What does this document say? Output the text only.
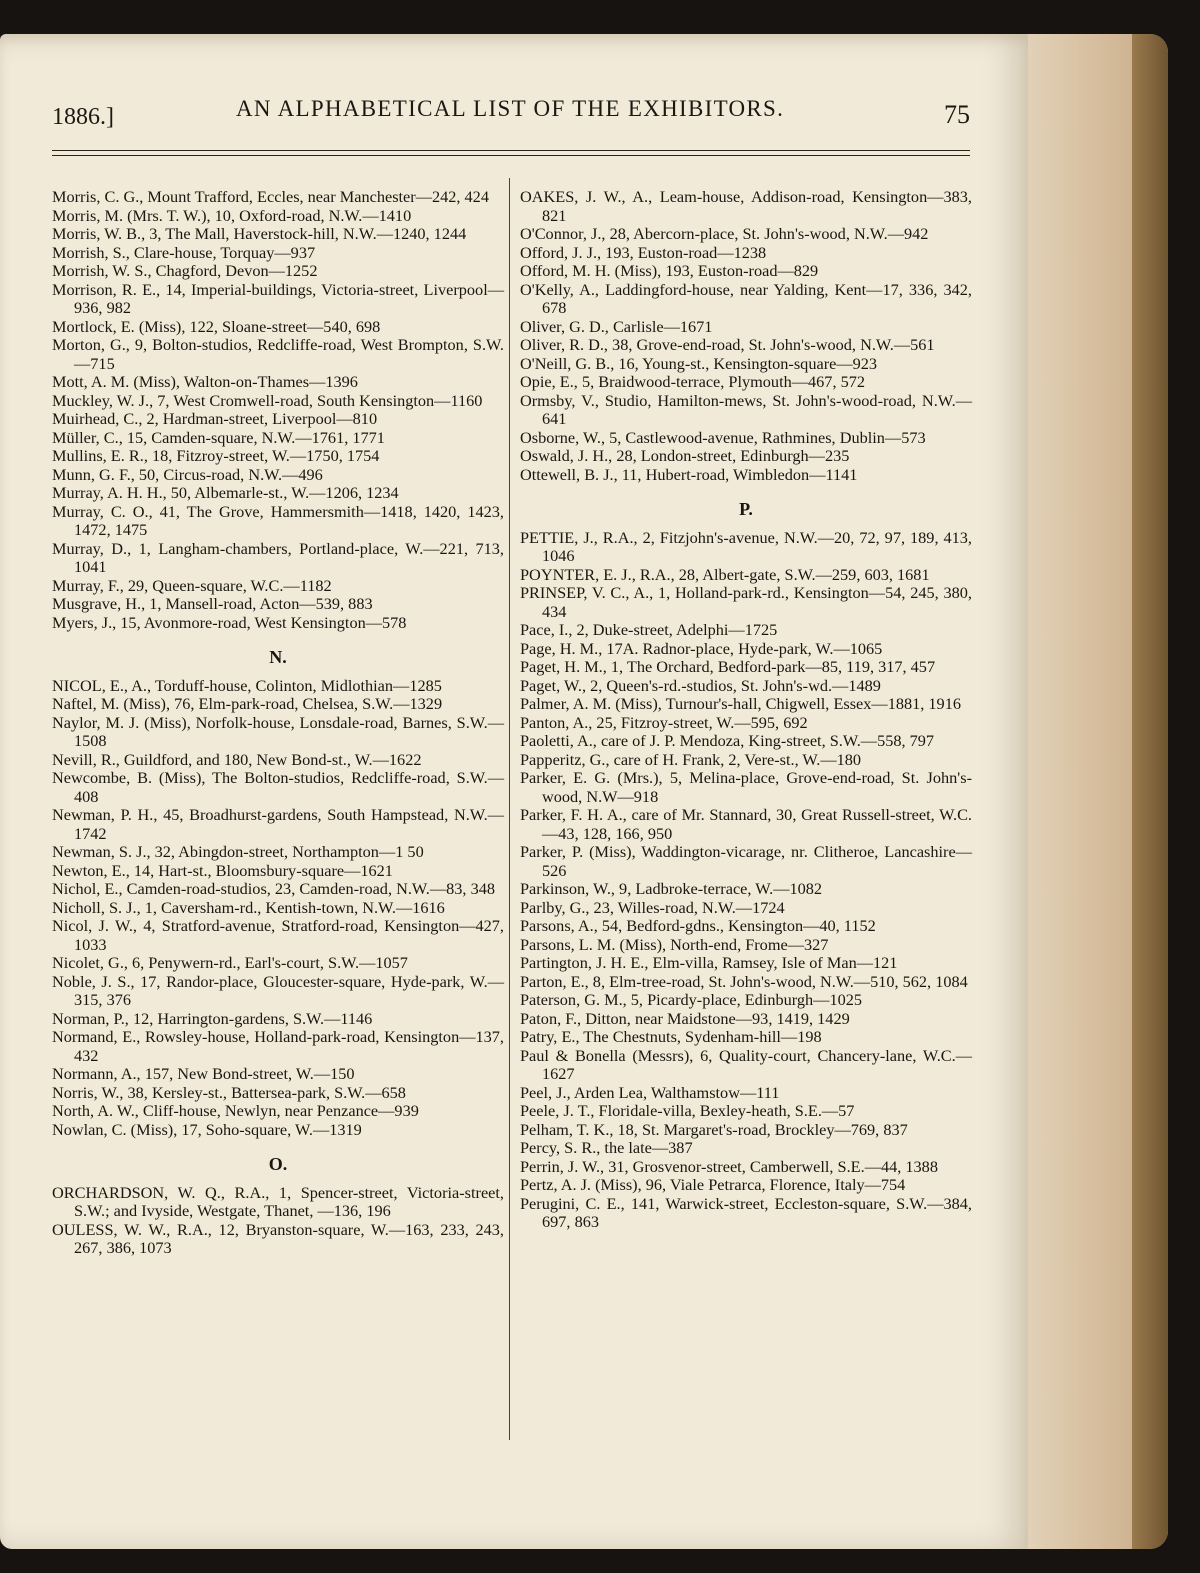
1886.]	AN ALPHABETICAL LIST OF THE EXHIBITORS.	75
Morris, C. G., Mount Trafford, Eccles, near Manchester—242, 424
Morris, M. (Mrs. T. W.), 10, Oxford-road, N.W.—1410
Morris, W. B., 3, The Mall, Haverstock-hill, N.W.—1240, 1244
Morrish, S., Clare-house, Torquay—937
Morrish, W. S., Chagford, Devon—1252
Morrison, R. E., 14, Imperial-buildings, Victoria-street, Liverpool—936, 982
Mortlock, E. (Miss), 122, Sloane-street—540, 698
Morton, G., 9, Bolton-studios, Redcliffe-road, West Brompton, S.W.—715
Mott, A. M. (Miss), Walton-on-Thames—1396
Muckley, W. J., 7, West Cromwell-road, South Kensington—1160
Muirhead, C., 2, Hardman-street, Liverpool—810
Müller, C., 15, Camden-square, N.W.—1761, 1771
Mullins, E. R., 18, Fitzroy-street, W.—1750, 1754
Munn, G. F., 50, Circus-road, N.W.—496
Murray, A. H. H., 50, Albemarle-st., W.—1206, 1234
Murray, C. O., 41, The Grove, Hammersmith—1418, 1420, 1423, 1472, 1475
Murray, D., 1, Langham-chambers, Portland-place, W.—221, 713, 1041
Murray, F., 29, Queen-square, W.C.—1182
Musgrave, H., 1, Mansell-road, Acton—539, 883
Myers, J., 15, Avonmore-road, West Kensington—578
N.
NICOL, E., A., Torduff-house, Colinton, Midlothian—1285
Naftel, M. (Miss), 76, Elm-park-road, Chelsea, S.W.—1329
Naylor, M. J. (Miss), Norfolk-house, Lonsdale-road, Barnes, S.W.—1508
Nevill, R., Guildford, and 180, New Bond-st., W.—1622
Newcombe, B. (Miss), The Bolton-studios, Redcliffe-road, S.W.—408
Newman, P. H., 45, Broadhurst-gardens, South Hampstead, N.W.—1742
Newman, S. J., 32, Abingdon-street, Northampton—1 50
Newton, E., 14, Hart-st., Bloomsbury-square—1621
Nichol, E., Camden-road-studios, 23, Camden-road, N.W.—83, 348
Nicholl, S. J., 1, Caversham-rd., Kentish-town, N.W.—1616
Nicol, J. W., 4, Stratford-avenue, Stratford-road, Kensington—427, 1033
Nicolet, G., 6, Penywern-rd., Earl's-court, S.W.—1057
Noble, J. S., 17, Randor-place, Gloucester-square, Hyde-park, W.—315, 376
Norman, P., 12, Harrington-gardens, S.W.—1146
Normand, E., Rowsley-house, Holland-park-road, Kensington—137, 432
Normann, A., 157, New Bond-street, W.—150
Norris, W., 38, Kersley-st., Battersea-park, S.W.—658
North, A. W., Cliff-house, Newlyn, near Penzance—939
Nowlan, C. (Miss), 17, Soho-square, W.—1319
O.
ORCHARDSON, W. Q., R.A., 1, Spencer-street, Victoria-street, S.W.; and Ivyside, Westgate, Thanet, —136, 196
OULESS, W. W., R.A., 12, Bryanston-square, W.—163, 233, 243, 267, 386, 1073
OAKES, J. W., A., Leam-house, Addison-road, Kensington—383, 821
O'Connor, J., 28, Abercorn-place, St. John's-wood, N.W.—942
Offord, J. J., 193, Euston-road—1238
Offord, M. H. (Miss), 193, Euston-road—829
O'Kelly, A., Laddingford-house, near Yalding, Kent—17, 336, 342, 678
Oliver, G. D., Carlisle—1671
Oliver, R. D., 38, Grove-end-road, St. John's-wood, N.W.—561
O'Neill, G. B., 16, Young-st., Kensington-square—923
Opie, E., 5, Braidwood-terrace, Plymouth—467, 572
Ormsby, V., Studio, Hamilton-mews, St. John's-wood-road, N.W.—641
Osborne, W., 5, Castlewood-avenue, Rathmines, Dublin—573
Oswald, J. H., 28, London-street, Edinburgh—235
Ottewell, B. J., 11, Hubert-road, Wimbledon—1141
P.
PETTIE, J., R.A., 2, Fitzjohn's-avenue, N.W.—20, 72, 97, 189, 413, 1046
POYNTER, E. J., R.A., 28, Albert-gate, S.W.—259, 603, 1681
PRINSEP, V. C., A., 1, Holland-park-rd., Kensington—54, 245, 380, 434
Pace, I., 2, Duke-street, Adelphi—1725
Page, H. M., 17A. Radnor-place, Hyde-park, W.—1065
Paget, H. M., 1, The Orchard, Bedford-park—85, 119, 317, 457
Paget, W., 2, Queen's-rd.-studios, St. John's-wd.—1489
Palmer, A. M. (Miss), Turnour's-hall, Chigwell, Essex—1881, 1916
Panton, A., 25, Fitzroy-street, W.—595, 692
Paoletti, A., care of J. P. Mendoza, King-street, S.W.—558, 797
Papperitz, G., care of H. Frank, 2, Vere-st., W.—180
Parker, E. G. (Mrs.), 5, Melina-place, Grove-end-road, St. John's-wood, N.W—918
Parker, F. H. A., care of Mr. Stannard, 30, Great Russell-street, W.C.—43, 128, 166, 950
Parker, P. (Miss), Waddington-vicarage, nr. Clitheroe, Lancashire—526
Parkinson, W., 9, Ladbroke-terrace, W.—1082
Parlby, G., 23, Willes-road, N.W.—1724
Parsons, A., 54, Bedford-gdns., Kensington—40, 1152
Parsons, L. M. (Miss), North-end, Frome—327
Partington, J. H. E., Elm-villa, Ramsey, Isle of Man—121
Parton, E., 8, Elm-tree-road, St. John's-wood, N.W.—510, 562, 1084
Paterson, G. M., 5, Picardy-place, Edinburgh—1025
Paton, F., Ditton, near Maidstone—93, 1419, 1429
Patry, E., The Chestnuts, Sydenham-hill—198
Paul & Bonella (Messrs), 6, Quality-court, Chancery-lane, W.C.—1627
Peel, J., Arden Lea, Walthamstow—111
Peele, J. T., Floridale-villa, Bexley-heath, S.E.—57
Pelham, T. K., 18, St. Margaret's-road, Brockley—769, 837
Percy, S. R., the late—387
Perrin, J. W., 31, Grosvenor-street, Camberwell, S.E.—44, 1388
Pertz, A. J. (Miss), 96, Viale Petrarca, Florence, Italy—754
Perugini, C. E., 141, Warwick-street, Eccleston-square, S.W.—384, 697, 863
